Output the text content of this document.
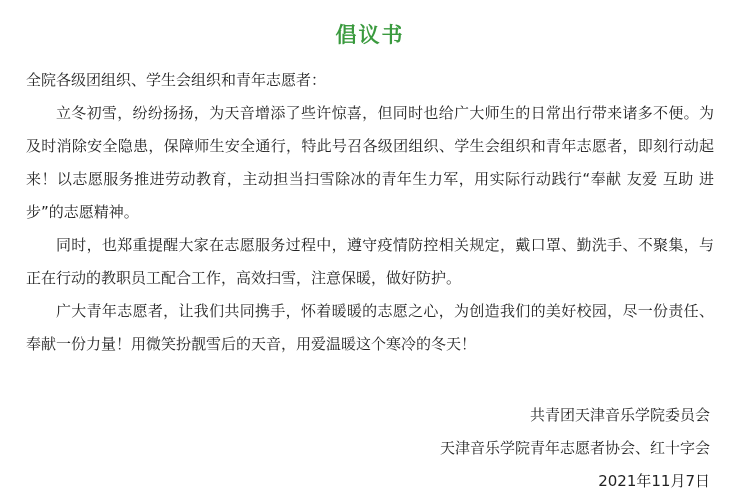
倡议书
全院各级团组织、学生会组织和青年志愿者：

立冬初雪，纷纷扬扬，为天音增添了些许惊喜，但同时也给广大师生的日常出行带来诸多不便。为及时消除安全隐患，保障师生安全通行，特此号召各级团组织、学生会组织和青年志愿者，即刻行动起来！以志愿服务推进劳动教育，主动担当扫雪除冰的青年生力军，用实际行动践行“奉献 友爱 互助 进步”的志愿精神。

同时，也郑重提醒大家在志愿服务过程中，遵守疫情防控相关规定，戴口罩、勤洗手、不聚集，与正在行动的教职员工配合工作，高效扫雪，注意保暖，做好防护。

广大青年志愿者，让我们共同携手，怀着暖暖的志愿之心，为创造我们的美好校园，尽一份责任、奉献一份力量！用微笑扮靓雪后的天音，用爱温暖这个寒冷的冬天！

共青团天津音乐学院委员会
天津音乐学院青年志愿者协会、红十字会
2021年11月7日
